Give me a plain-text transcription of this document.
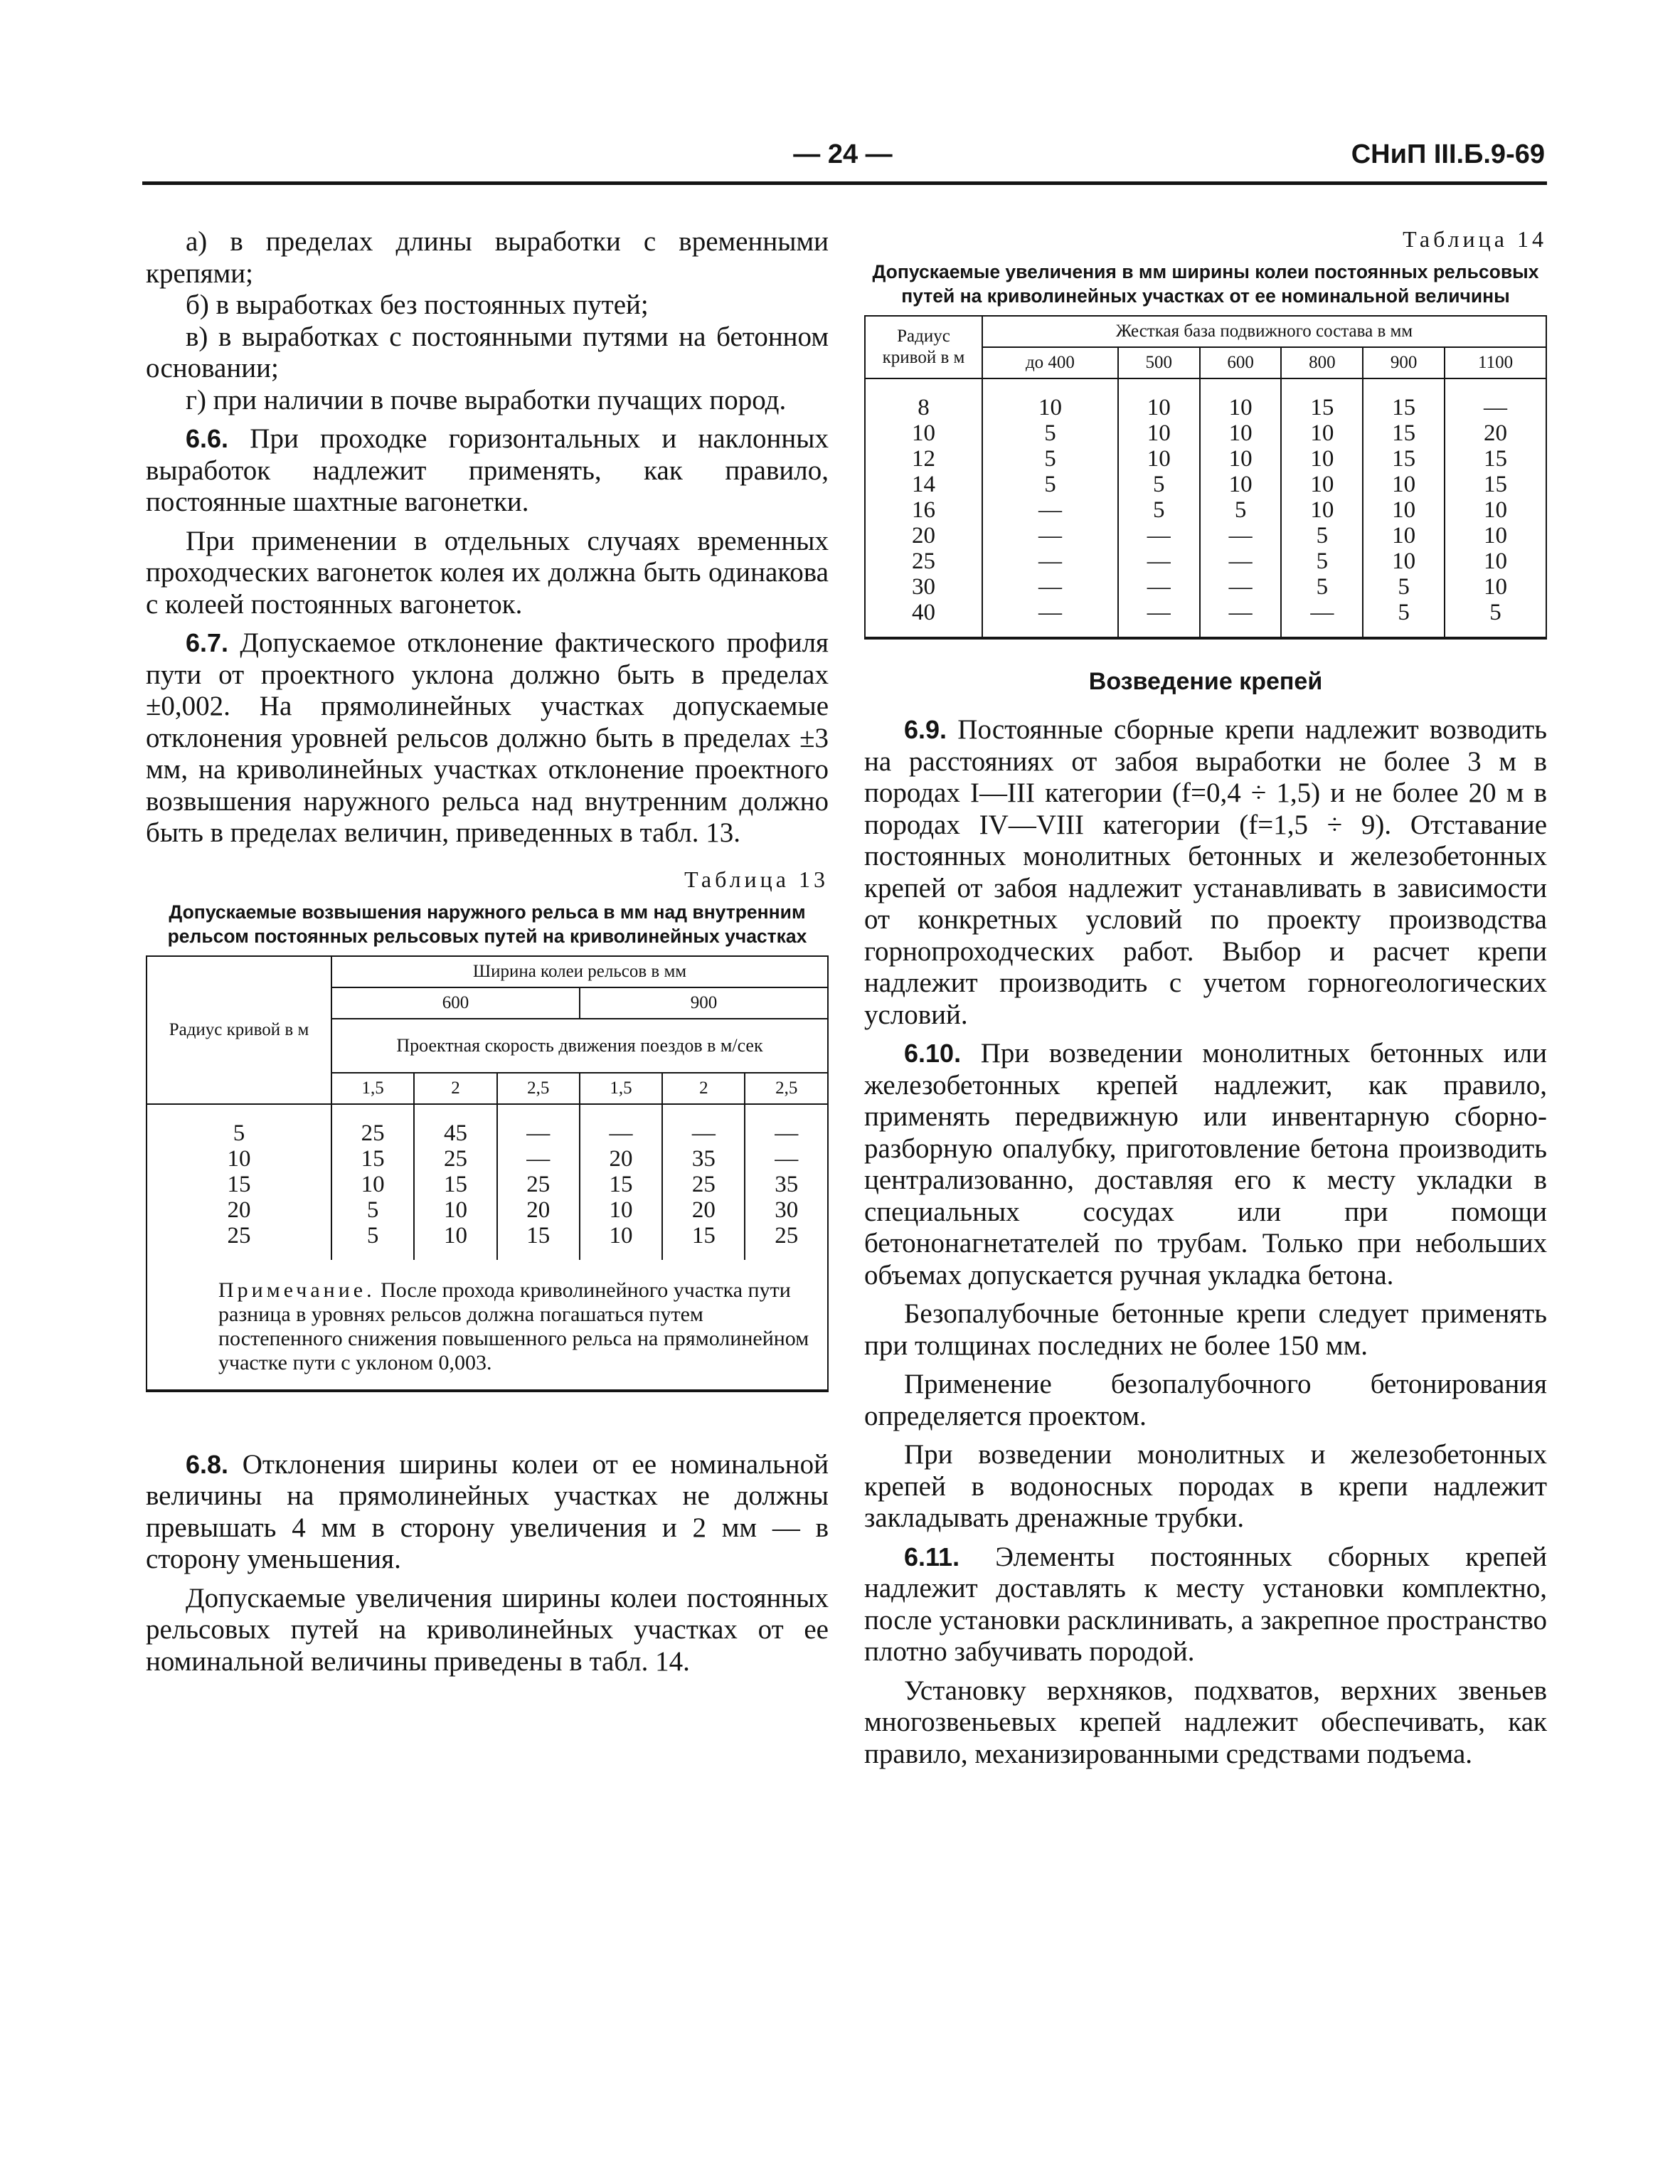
— 24 —	СНиП III.Б.9-69

а) в пределах длины выработки с временными крепями;

б) в выработках без постоянных путей;

в) в выработках с постоянными путями на бетонном основании;

г) при наличии в почве выработки пучащих пород.

6.6. При проходке горизонтальных и наклонных выработок надлежит применять, как правило, постоянные шахтные вагонетки.

При применении в отдельных случаях временных проходческих вагонеток колея их должна быть одинакова с колеей постоянных вагонеток.

6.7. Допускаемое отклонение фактического профиля пути от проектного уклона должно быть в пределах ±0,002. На прямолинейных участках допускаемые отклонения уровней рельсов должно быть в пределах ±3 мм, на криволинейных участках отклонение проектного возвышения наружного рельса над внутренним должно быть в пределах величин, приведенных в табл. 13.

Таблица 13
Допускаемые возвышения наружного рельса в мм над внутренним рельсом постоянных рельсовых путей на криволинейных участках
Радиус кривой в м	Ширина колеи рельсов в мм					
	600			900		
	Проектная скорость движения поездов в м/сек					
	1,5	2	2,5	1,5	2	2,5
5	25	45	—	—	—	—
10	15	25	—	20	35	—
15	10	15	25	15	25	35
20	5	10	20	10	20	30
25	5	10	15	10	15	25
Примечание. После прохода криволинейного участка пути разница в уровнях рельсов должна погашаться путем постепенного снижения повышенного рельса на прямолинейном участке пути с уклоном 0,003.						

6.8. Отклонения ширины колеи от ее номинальной величины на прямолинейных участках не должны превышать 4 мм в сторону увеличения и 2 мм — в сторону уменьшения.

Допускаемые увеличения ширины колеи постоянных рельсовых путей на криволинейных участках от ее номинальной величины приведены в табл. 14.

Таблица 14
Допускаемые увеличения в мм ширины колеи постоянных рельсовых путей на криволинейных участках от ее номинальной величины
Радиус кривой в м	Жесткая база подвижного состава в мм					
	до 400	500	600	800	900	1100
8	10	10	10	15	15	—
10	5	10	10	10	15	20
12	5	10	10	10	15	15
14	5	5	10	10	10	15
16	—	5	5	10	10	10
20	—	—	—	5	10	10
25	—	—	—	5	10	10
30	—	—	—	5	5	10
40	—	—	—	—	5	5
Возведение крепей

6.9. Постоянные сборные крепи надлежит возводить на расстояниях от забоя выработки не более 3 м в породах I—III категории (f=0,4 ÷ 1,5) и не более 20 м в породах IV—VIII категории (f=1,5 ÷ 9). Отставание постоянных монолитных бетонных и железобетонных крепей от забоя надлежит устанавливать в зависимости от конкретных условий по проекту производства горнопроходческих работ. Выбор и расчет крепи надлежит производить с учетом горногеологических условий.

6.10. При возведении монолитных бетонных или железобетонных крепей надлежит, как правило, применять передвижную или инвентарную сборно-разборную опалубку, приготовление бетона производить централизованно, доставляя его к месту укладки в специальных сосудах или при помощи бетононагнетателей по трубам. Только при небольших объемах допускается ручная укладка бетона.

Безопалубочные бетонные крепи следует применять при толщинах последних не более 150 мм.

Применение безопалубочного бетонирования определяется проектом.

При возведении монолитных и железобетонных крепей в водоносных породах в крепи надлежит закладывать дренажные трубки.

6.11. Элементы постоянных сборных крепей надлежит доставлять к месту установки комплектно, после установки расклинивать, а закрепное пространство плотно забучивать породой.

Установку верхняков, подхватов, верхних звеньев многозвеньевых крепей надлежит обеспечивать, как правило, механизированными средствами подъема.
